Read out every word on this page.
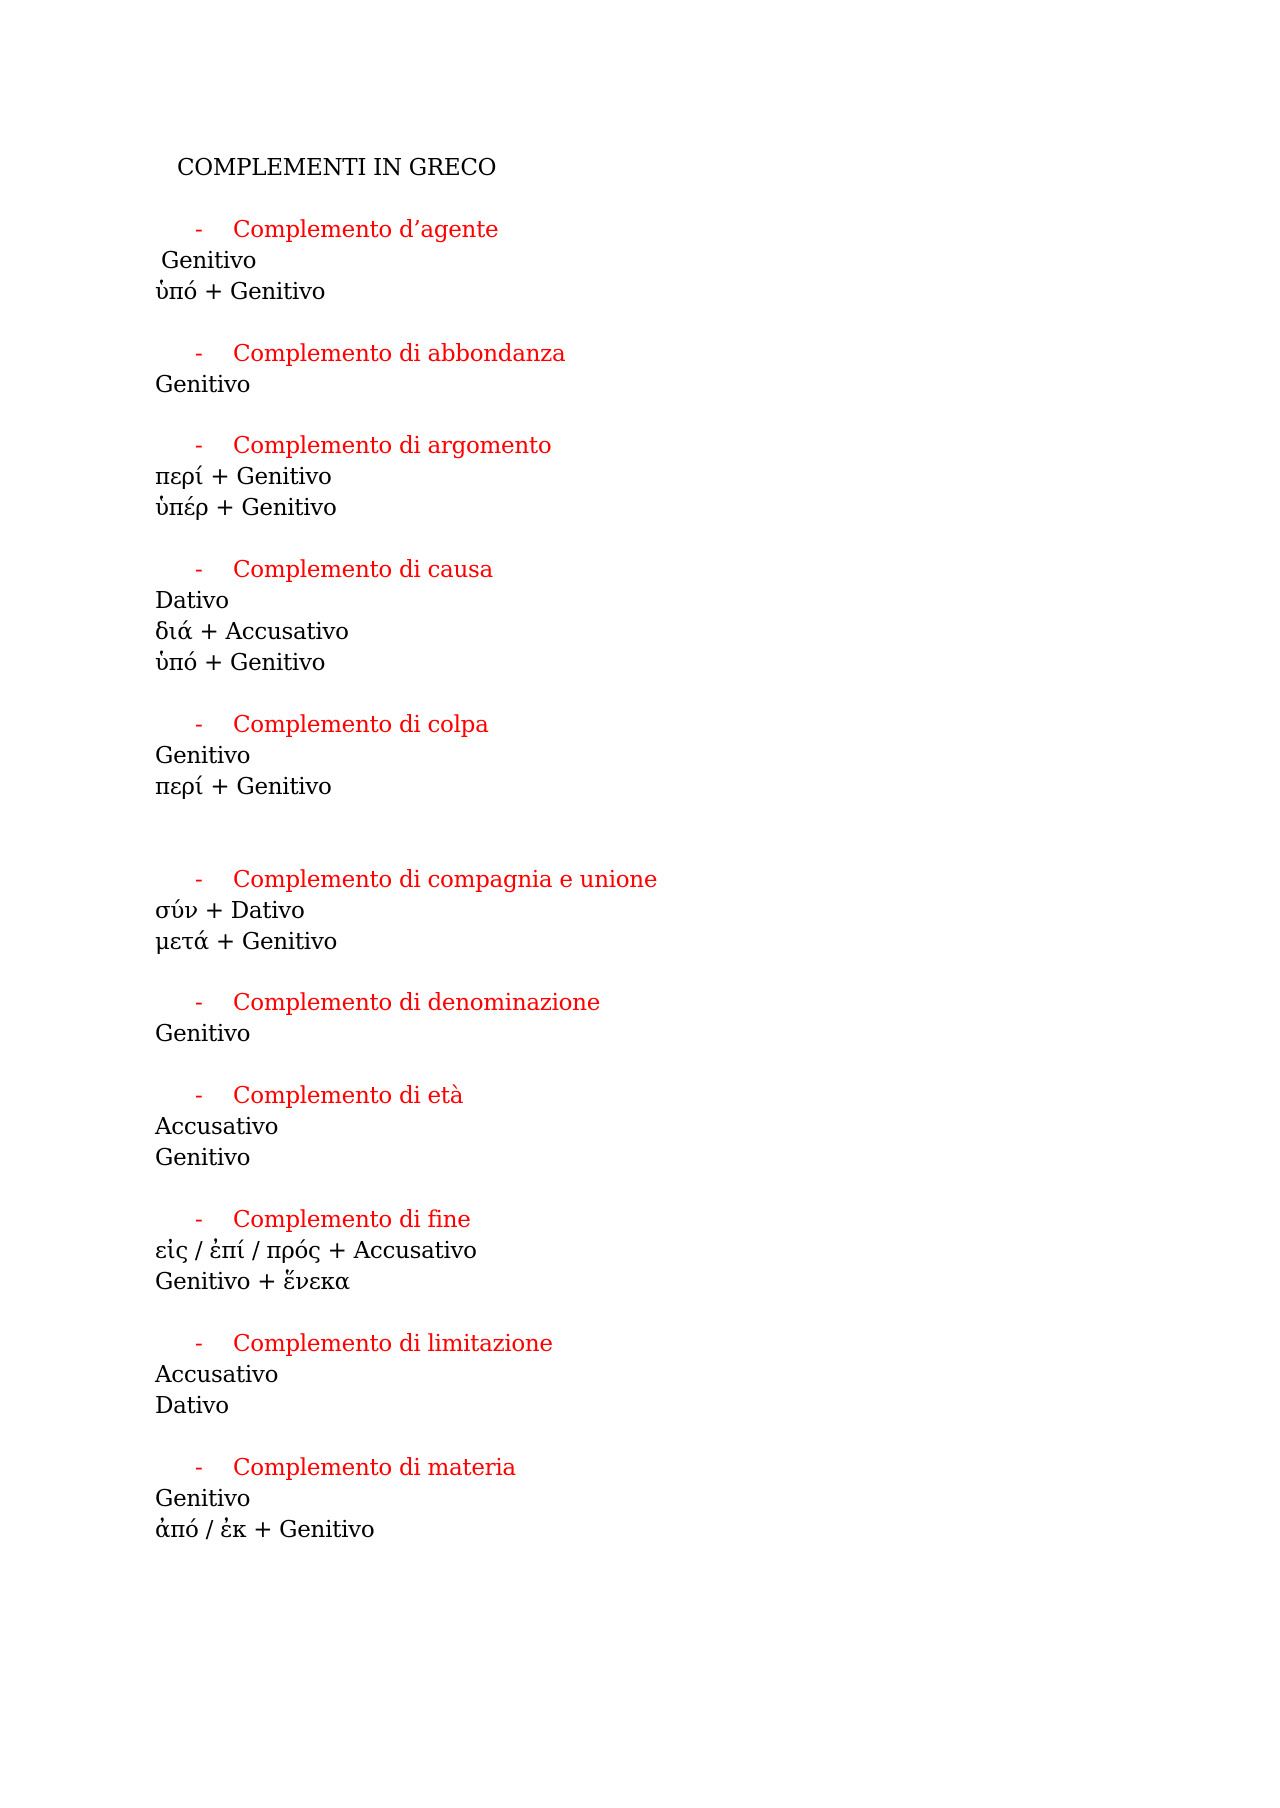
COMPLEMENTI IN GRECO
- Complemento d’agente
Genitivo
ὑπό + Genitivo
- Complemento di abbondanza
Genitivo
- Complemento di argomento
περί + Genitivo
ὑπέρ + Genitivo
- Complemento di causa
Dativo
διά + Accusativo
ὑπό + Genitivo
- Complemento di colpa
Genitivo
περί + Genitivo
- Complemento di compagnia e unione
σύν + Dativo
μετά + Genitivo
- Complemento di denominazione
Genitivo
- Complemento di età
Accusativo
Genitivo
- Complemento di fine
εἰς / ἐπί / πρός + Accusativo
Genitivo + ἕνεκα
- Complemento di limitazione
Accusativo
Dativo
- Complemento di materia
Genitivo
ἀπό / ἐκ + Genitivo
